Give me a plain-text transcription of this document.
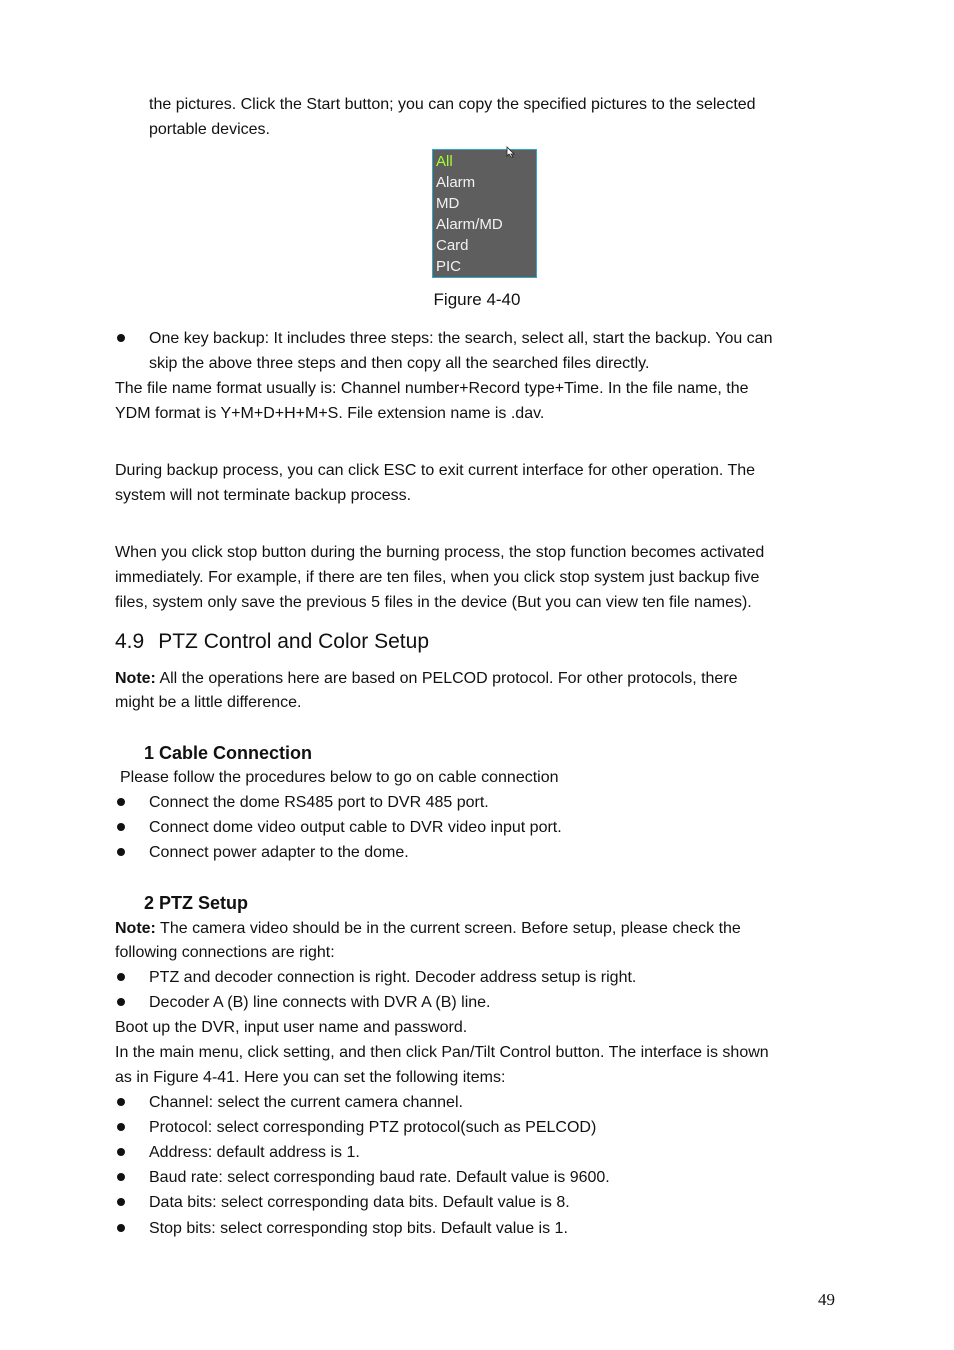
the pictures. Click the Start button; you can copy the specified pictures to the selected

portable devices.

All
Alarm
MD
Alarm/MD
Card
PIC
Figure 4-40

One key backup: It includes three steps: the search, select all, start the backup. You can

skip the above three steps and then copy all the searched files directly.

The file name format usually is: Channel number+Record type+Time. In the file name, the

YDM format is Y+M+D+H+M+S. File extension name is .dav.

During backup process, you can click ESC to exit current interface for other operation. The

system will not terminate backup process.

When you click stop button during the burning process, the stop function becomes activated

immediately. For example, if there are ten files, when you click stop system just backup five

files, system only save the previous 5 files in the device (But you can view ten file names).

4.9 PTZ Control and Color Setup

Note: All the operations here are based on PELCOD protocol. For other protocols, there

might be a little difference.

1 Cable Connection

Please follow the procedures below to go on cable connection

Connect the dome RS485 port to DVR 485 port.

Connect dome video output cable to DVR video input port.

Connect power adapter to the dome.

2 PTZ Setup

Note: The camera video should be in the current screen. Before setup, please check the

following connections are right:

PTZ and decoder connection is right. Decoder address setup is right.

Decoder A (B) line connects with DVR A (B) line.

Boot up the DVR, input user name and password.

In the main menu, click setting, and then click Pan/Tilt Control button. The interface is shown

as in Figure 4-41. Here you can set the following items:

Channel: select the current camera channel.

Protocol: select corresponding PTZ protocol(such as PELCOD)

Address: default address is 1.

Baud rate: select corresponding baud rate. Default value is 9600.

Data bits: select corresponding data bits. Default value is 8.

Stop bits: select corresponding stop bits. Default value is 1.

49
